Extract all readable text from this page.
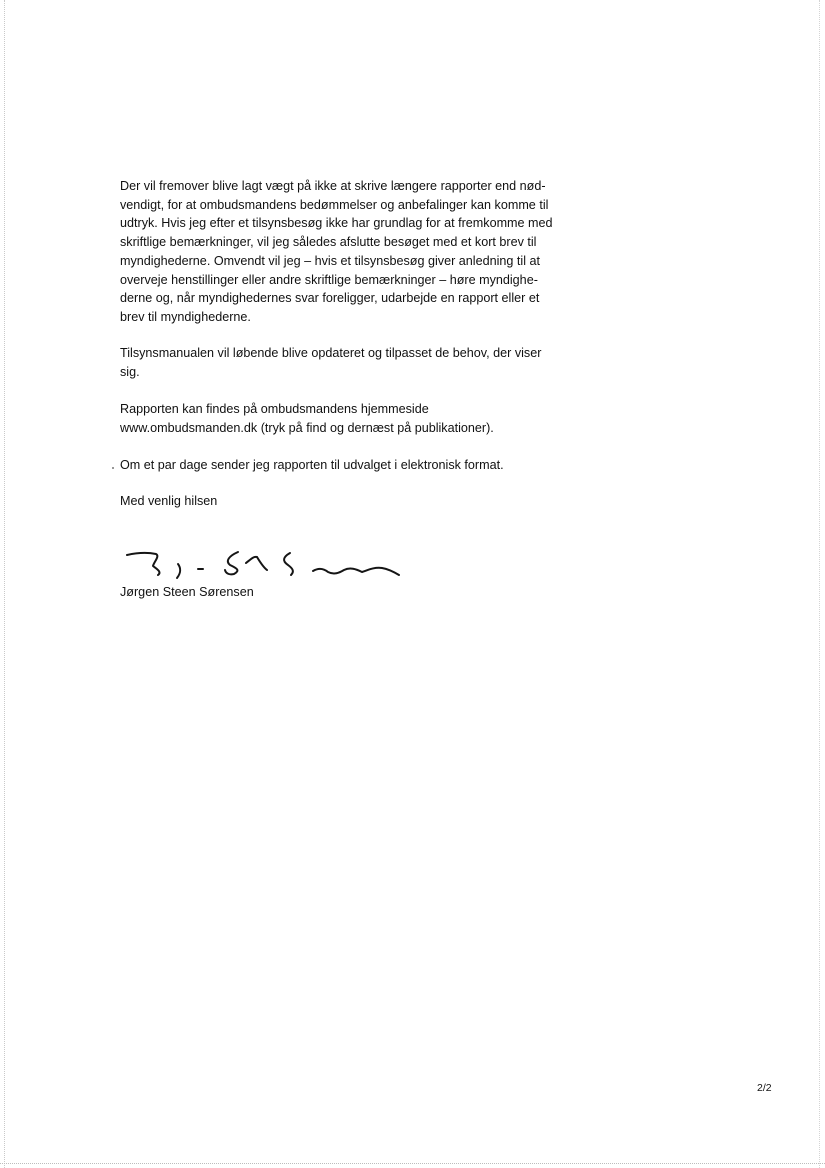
Der vil fremover blive lagt vægt på ikke at skrive længere rapporter end nød-
vendigt, for at ombudsmandens bedømmelser og anbefalinger kan komme til
udtryk. Hvis jeg efter et tilsynsbesøg ikke har grundlag for at fremkomme med
skriftlige bemærkninger, vil jeg således afslutte besøget med et kort brev til
myndighederne. Omvendt vil jeg – hvis et tilsynsbesøg giver anledning til at
overveje henstillinger eller andre skriftlige bemærkninger – høre myndighe-
derne og, når myndighedernes svar foreligger, udarbejde en rapport eller et
brev til myndighederne.

Tilsynsmanualen vil løbende blive opdateret og tilpasset de behov, der viser
sig.

Rapporten kan findes på ombudsmandens hjemmeside
www.ombudsmanden.dk (tryk på find og dernæst på publikationer).

Om et par dage sender jeg rapporten til udvalget i elektronisk format.

Med venlig hilsen

Jørgen Steen Sørensen

2/2
